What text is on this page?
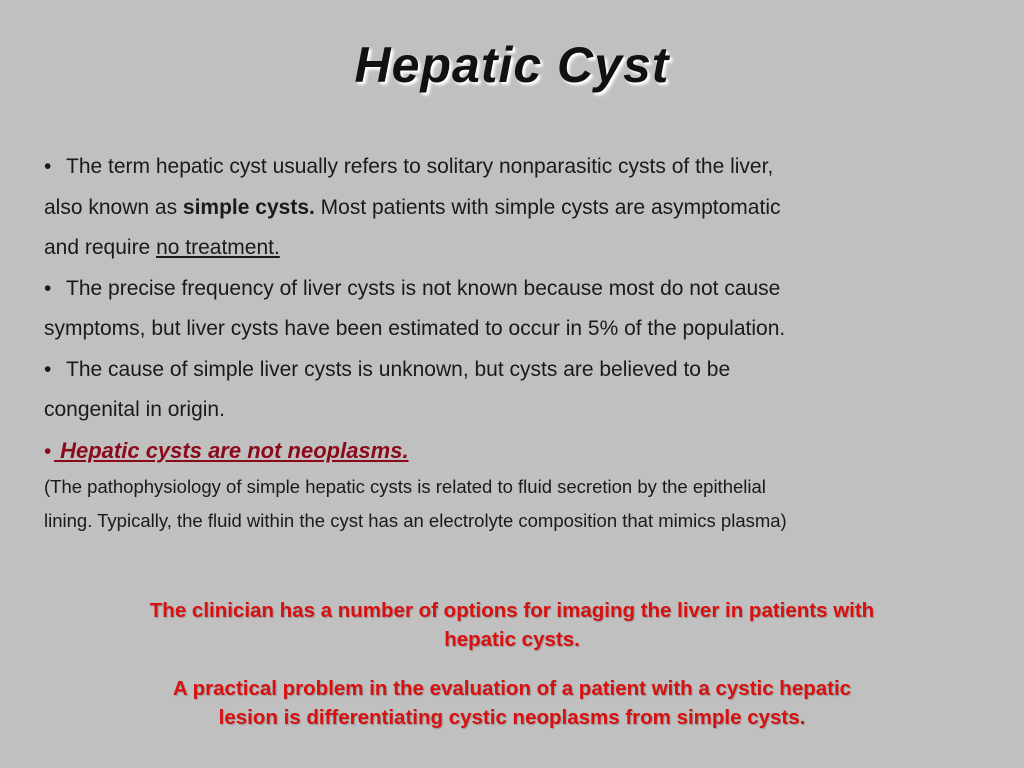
Hepatic Cyst
• The term hepatic cyst usually refers to solitary nonparasitic cysts of the liver,
also known as simple cysts. Most patients with simple cysts are asymptomatic
and require no treatment.
• The precise frequency of liver cysts is not known because most do not cause
symptoms, but liver cysts have been estimated to occur in 5% of the population.
• The cause of simple liver cysts is unknown, but cysts are believed to be
congenital in origin.
• Hepatic cysts are not neoplasms.
(The pathophysiology of simple hepatic cysts is related to fluid secretion by the epithelial
lining. Typically, the fluid within the cyst has an electrolyte composition that mimics plasma)
The clinician has a number of options for imaging the liver in patients with
hepatic cysts.
A practical problem in the evaluation of a patient with a cystic hepatic
lesion is differentiating cystic neoplasms from simple cysts.
